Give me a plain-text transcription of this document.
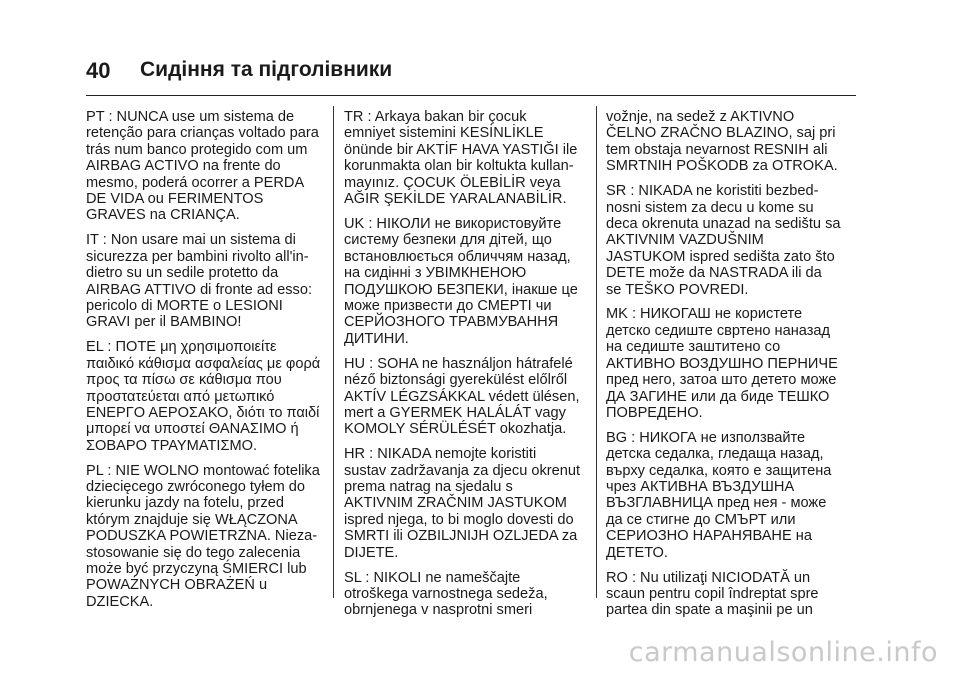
40 Сидіння та підголівники
PT : NUNCA use um sistema de
retenção para crianças voltado para
trás num banco protegido com um
AIRBAG ACTIVO na frente do
mesmo, poderá ocorrer a PERDA
DE VIDA ou FERIMENTOS
GRAVES na CRIANÇA.
IT : Non usare mai un sistema di
sicurezza per bambini rivolto all'in-
dietro su un sedile protetto da
AIRBAG ATTIVO di fronte ad esso:
pericolo di MORTE o LESIONI
GRAVI per il BAMBINO!
EL : ΠΟΤΕ μη χρησιμοποιείτε
παιδικό κάθισμα ασφαλείας με φορά
προς τα πίσω σε κάθισμα που
προστατεύεται από μετωπικό
ΕΝΕΡΓΟ ΑΕΡΟΣΑΚΟ, διότι το παιδί
μπορεί να υποστεί ΘΑΝΑΣΙΜΟ ή
ΣΟΒΑΡΟ ΤΡΑΥΜΑΤΙΣΜΟ.
PL : NIE WOLNO montować fotelika
dziecięcego zwróconego tyłem do
kierunku jazdy na fotelu, przed
którym znajduje się WŁĄCZONA
PODUSZKA POWIETRZNA. Nieza-
stosowanie się do tego zalecenia
może być przyczyną ŚMIERCI lub
POWAŻNYCH OBRAŻEŃ u
DZIECKA.
TR : Arkaya bakan bir çocuk
emniyet sistemini KESİNLİKLE
önünde bir AKTİF HAVA YASTIĞI ile
korunmakta olan bir koltukta kullan-
mayınız. ÇOCUK ÖLEBİLİR veya
AĞIR ŞEKİLDE YARALANABİLİR.
UK : НІКОЛИ не використовуйте
систему безпеки для дітей, що
встановлюється обличчям назад,
на сидінні з УВІМКНЕНОЮ
ПОДУШКОЮ БЕЗПЕКИ, інакше це
може призвести до СМЕРТІ чи
СЕРЙОЗНОГО ТРАВМУВАННЯ
ДИТИНИ.
HU : SOHA ne használjon hátrafelé
néző biztonsági gyerekülést előlről
AKTÍV LÉGZSÁKKAL védett ülésen,
mert a GYERMEK HALÁLÁT vagy
KOMOLY SÉRÜLÉSÉT okozhatja.
HR : NIKADA nemojte koristiti
sustav zadržavanja za djecu okrenut
prema natrag na sjedalu s
AKTIVNIM ZRAČNIM JASTUKOM
ispred njega, to bi moglo dovesti do
SMRTI ili OZBILJNIJH OZLJEDA za
DIJETE.
SL : NIKOLI ne nameščajte
otroškega varnostnega sedeža,
obrnjenega v nasprotni smeri
vožnje, na sedež z AKTIVNO
ČELNO ZRAČNO BLAZINO, saj pri
tem obstaja nevarnost RESNIH ali
SMRTNIH POŠKODB za OTROKA.
SR : NIKADA ne koristiti bezbed-
nosni sistem za decu u kome su
deca okrenuta unazad na sedištu sa
AKTIVNIM VAZDUŠNIM
JASTUKOM ispred sedišta zato što
DETE može da NASTRADA ili da
se TEŠKO POVREDI.
MK : НИКОГАШ не користете
детско седиште свртено наназад
на седиште заштитено со
АКТИВНО ВОЗДУШНО ПЕРНИЧЕ
пред него, затоа што детето може
ДА ЗАГИНЕ или да биде ТЕШКО
ПОВРЕДЕНО.
BG : НИКОГА не използвайте
детска седалка, гледаща назад,
върху седалка, която е защитена
чрез АКТИВНА ВЪЗДУШНА
ВЪЗГЛАВНИЦА пред нея - може
да се стигне до СМЪРТ или
СЕРИОЗНО НАРАНЯВАНЕ на
ДЕТЕТО.
RO : Nu utilizaţi NICIODATĂ un
scaun pentru copil îndreptat spre
partea din spate a maşinii pe un
carmanualsonline.info
